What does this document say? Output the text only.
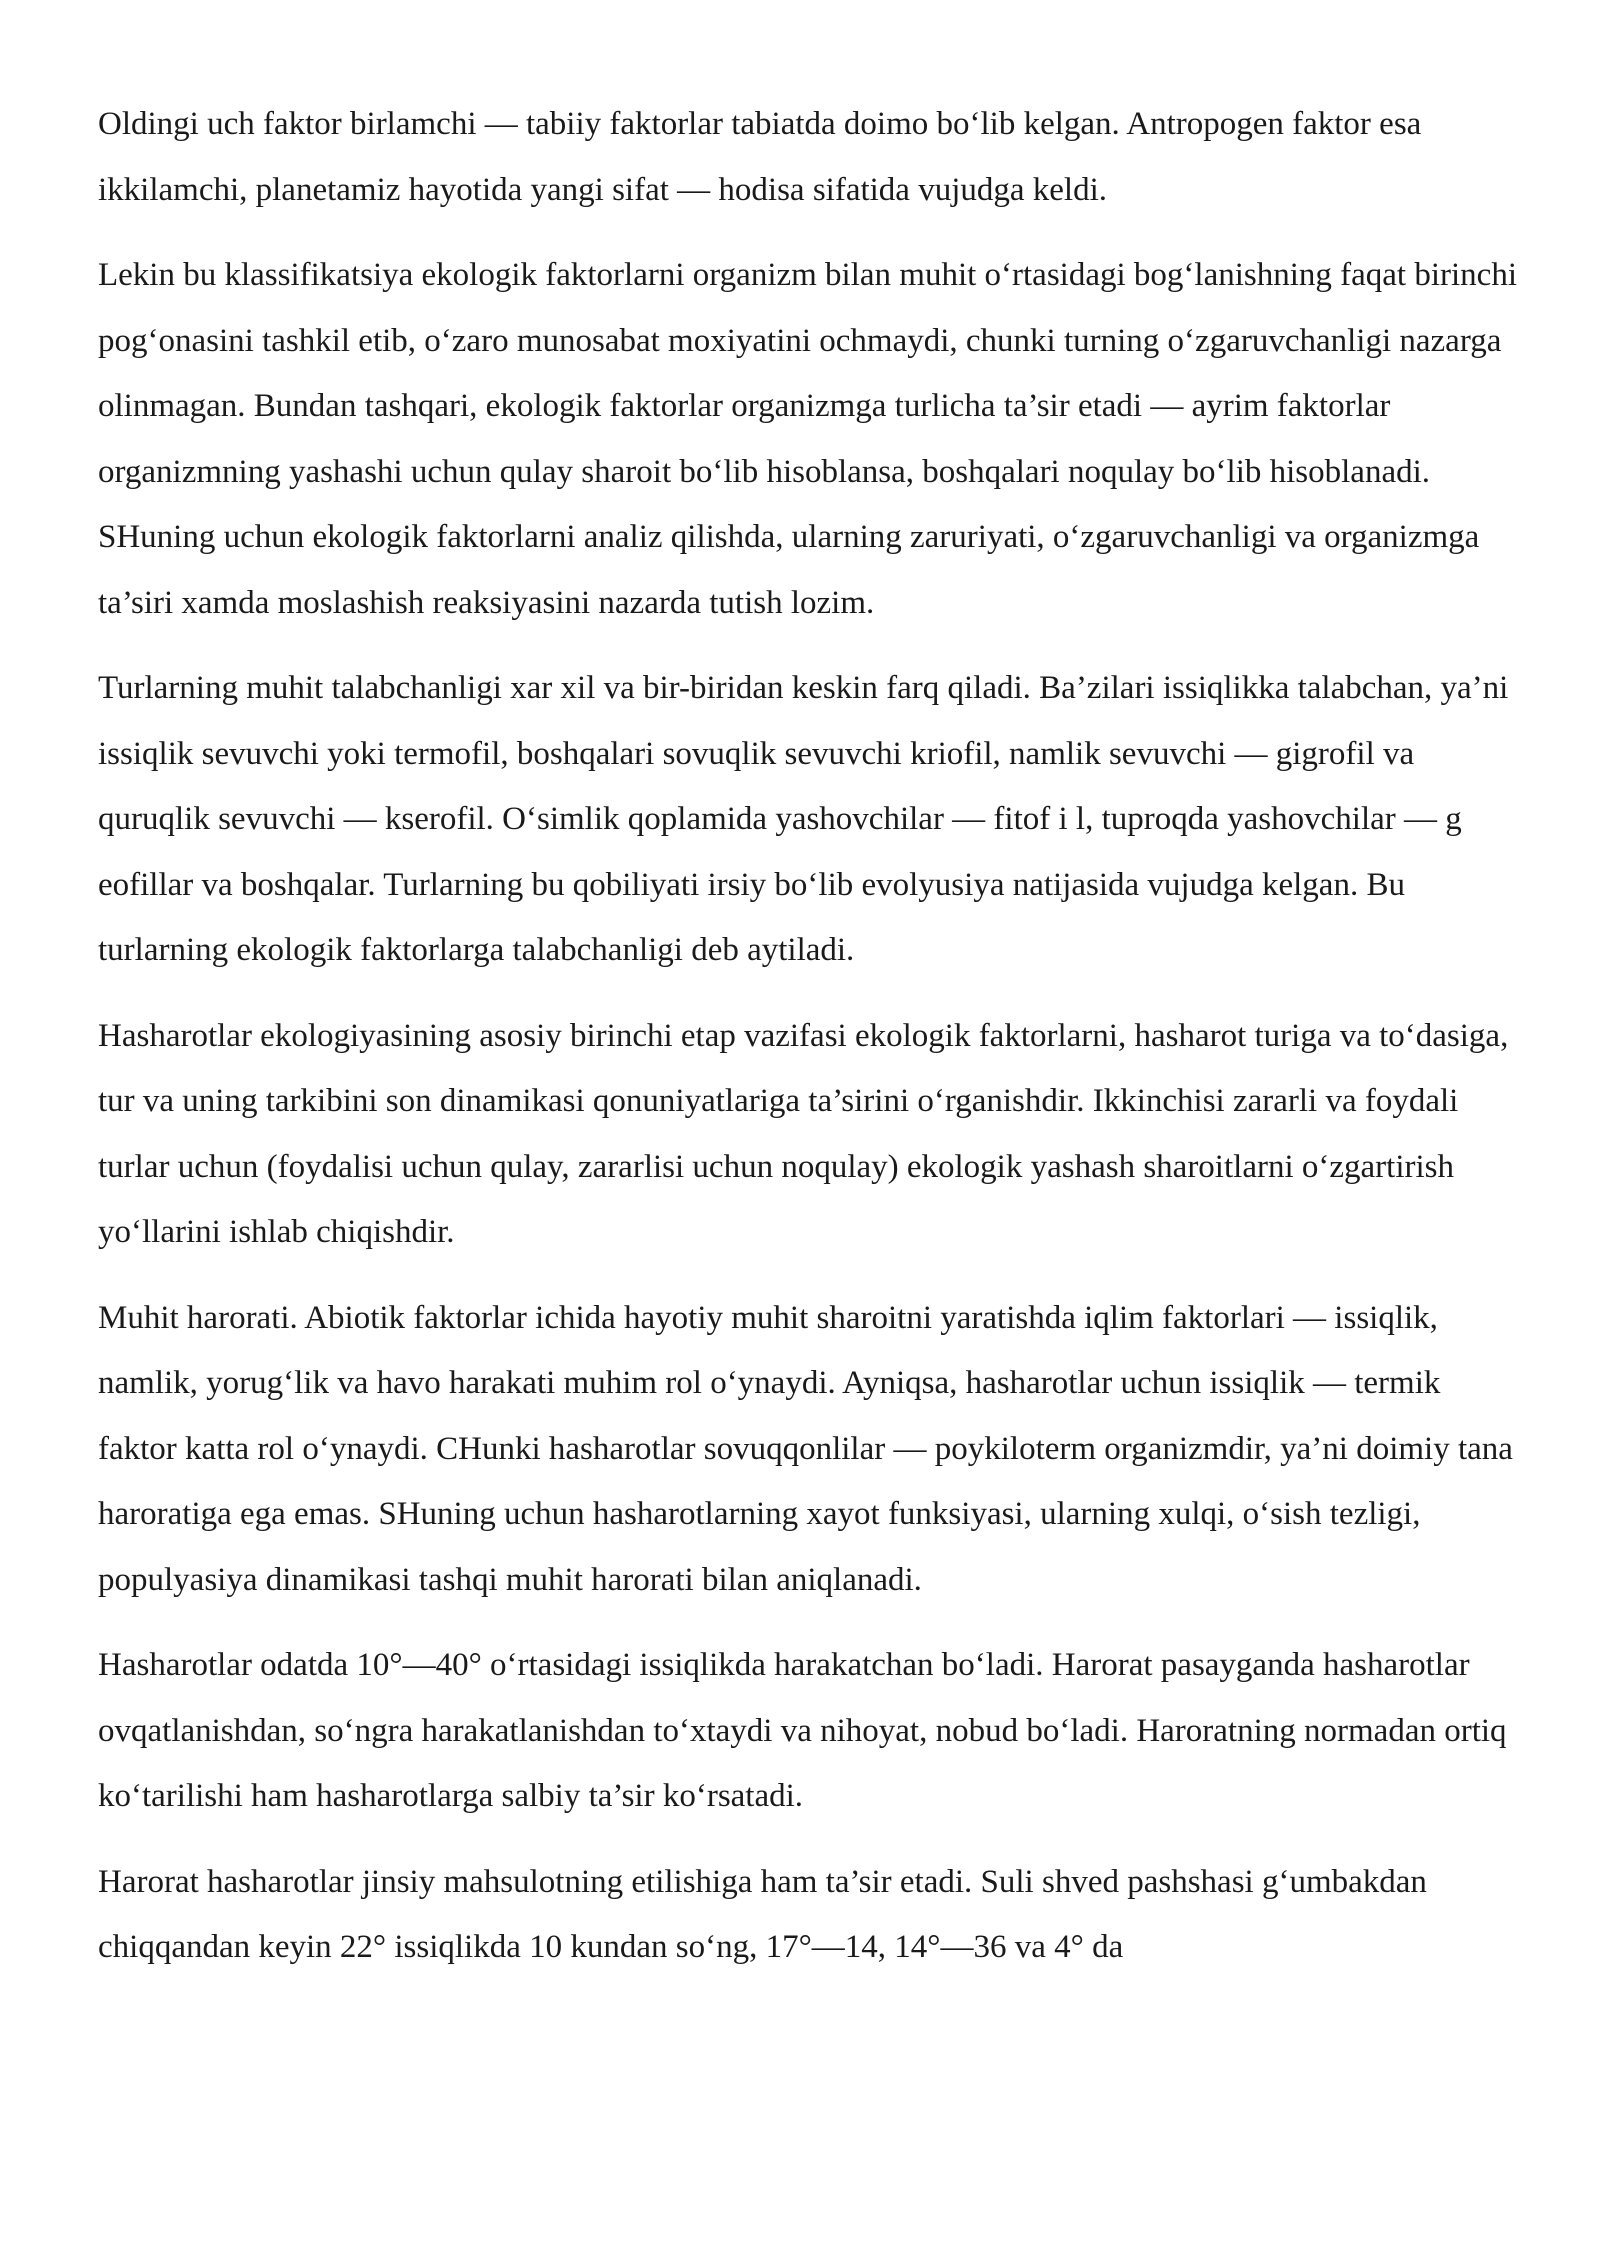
Oldingi uch faktor birlamchi — tabiiy faktorlar tabiatda doimo bo‘lib kelgan. Antropogen faktor esa ikkilamchi, planetamiz hayotida yangi sifat — hodisa sifatida vujudga keldi.

Lekin bu klassifikatsiya ekologik faktorlarni organizm bilan muhit o‘rtasidagi bog‘lanishning faqat birinchi pog‘onasini tashkil etib, o‘zaro munosabat moxiyatini ochmaydi, chunki turning o‘zgaruvchanligi nazarga olinmagan. Bundan tashqari, ekologik faktorlar organizmga turlicha ta’sir etadi — ayrim faktorlar organizmning yashashi uchun qulay sharoit bo‘lib hisoblansa, boshqalari noqulay bo‘lib hisoblanadi. SHuning uchun ekologik faktorlarni analiz qilishda, ularning zaruriyati, o‘zgaruvchanligi va organizmga ta’siri xamda moslashish reaksiyasini nazarda tutish lozim.

Turlarning muhit talabchanligi xar xil va bir-biridan keskin farq qiladi. Ba’zilari issiqlikka talabchan, ya’ni issiqlik sevuvchi yoki termofil, boshqalari sovuqlik sevuvchi kriofil, namlik sevuvchi — gigrofil va quruqlik sevuvchi — kserofil. O‘simlik qoplamida yashovchilar — fitof i l, tuproqda yashovchilar — g eofillar va boshqalar. Turlarning bu qobiliyati irsiy bo‘lib evolyusiya natijasida vujudga kelgan. Bu turlarning ekologik faktorlarga talabchanligi deb aytiladi.

Hasharotlar ekologiyasining asosiy birinchi etap vazifasi ekologik faktorlarni, hasharot turiga va to‘dasiga, tur va uning tarkibini son dinamikasi qonuniyatlariga ta’sirini o‘rganishdir. Ikkinchisi zararli va foydali turlar uchun (foydalisi uchun qulay, zararlisi uchun noqulay) ekologik yashash sharoitlarni o‘zgartirish yo‘llarini ishlab chiqishdir.

Muhit harorati. Abiotik faktorlar ichida hayotiy muhit sharoitni yaratishda iqlim faktorlari — issiqlik, namlik, yorug‘lik va havo harakati muhim rol o‘ynaydi. Ayniqsa, hasharotlar uchun issiqlik — termik faktor katta rol o‘ynaydi. CHunki hasharotlar sovuqqonlilar — poykiloterm organizmdir, ya’ni doimiy tana haroratiga ega emas. SHuning uchun hasharotlarning xayot funksiyasi, ularning xulqi, o‘sish tezligi, populyasiya dinamikasi tashqi muhit harorati bilan aniqlanadi.

Hasharotlar odatda 10°—40° o‘rtasidagi issiqlikda harakatchan bo‘ladi. Harorat pasayganda hasharotlar ovqatlanishdan, so‘ngra harakatlanishdan to‘xtaydi va nihoyat, nobud bo‘ladi. Haroratning normadan ortiq ko‘tarilishi ham hasharotlarga salbiy ta’sir ko‘rsatadi.

Harorat hasharotlar jinsiy mahsulotning etilishiga ham ta’sir etadi. Suli shved pashshasi g‘umbakdan chiqqandan keyin 22° issiqlikda 10 kundan so‘ng, 17°—14, 14°—36 va 4° da
